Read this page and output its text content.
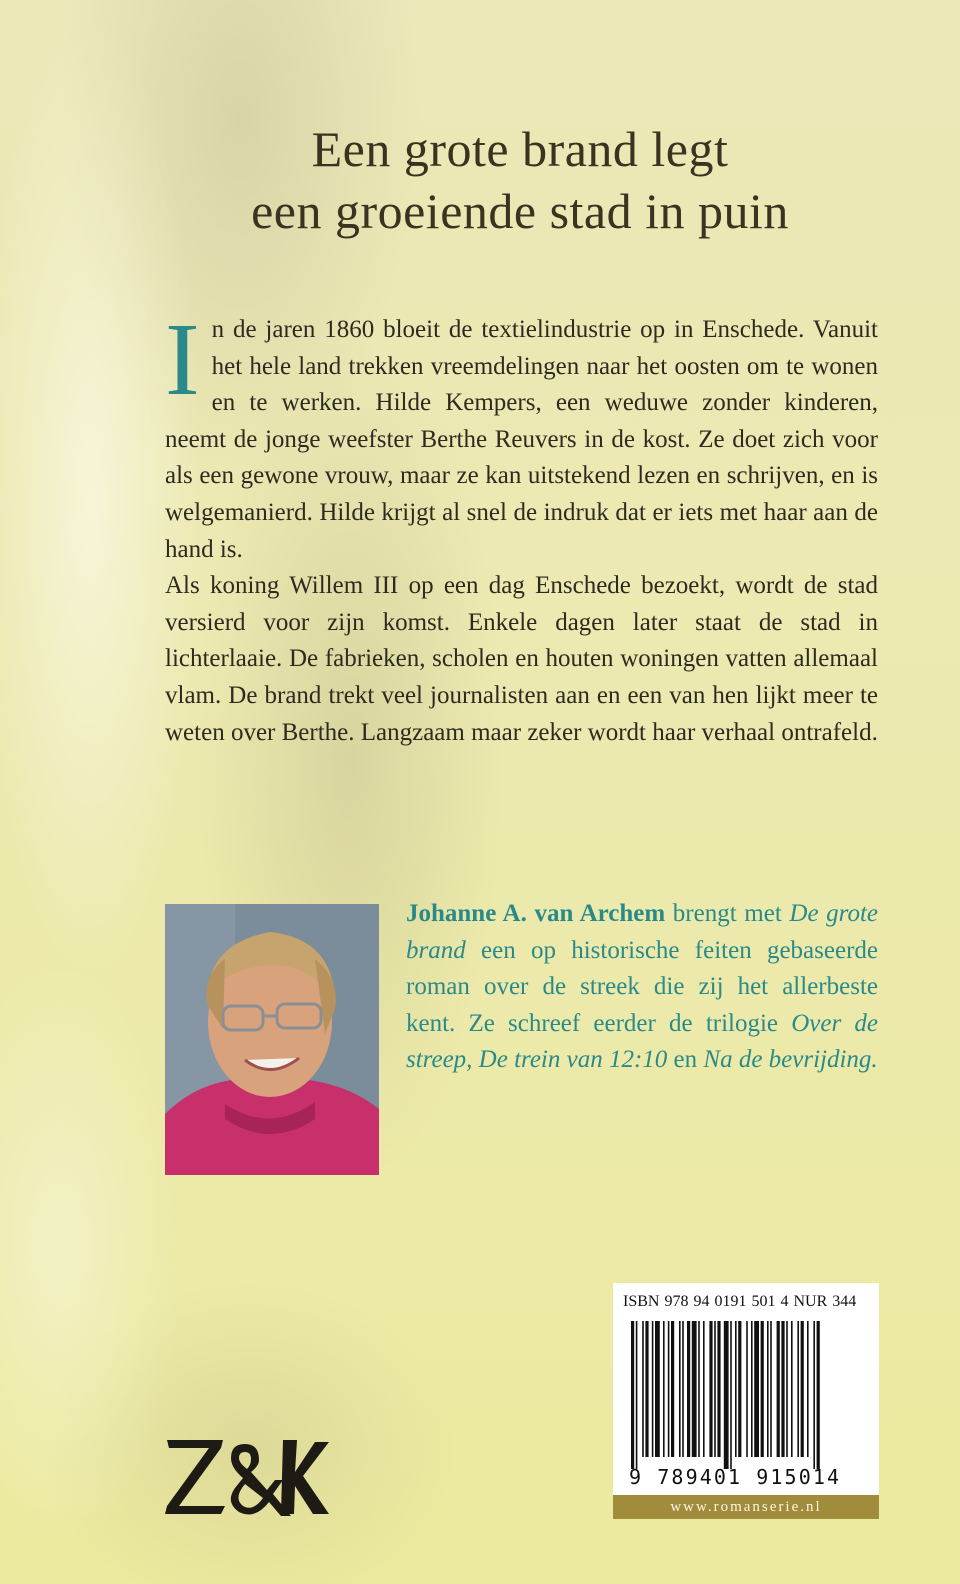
Een grote brand legt
een groeiende stad in puin

In de jaren 1860 bloeit de textielindustrie op in Enschede. Vanuit het hele land trekken vreemdelingen naar het oosten om te wonen en te werken. Hilde Kempers, een weduwe zonder kinderen, neemt de jonge weefster Berthe Reuvers in de kost. Ze doet zich voor als een gewone vrouw, maar ze kan uitstekend lezen en schrijven, en is welgemanierd. Hilde krijgt al snel de indruk dat er iets met haar aan de hand is.

Als koning Willem III op een dag Enschede bezoekt, wordt de stad versierd voor zijn komst. Enkele dagen later staat de stad in lichterlaaie. De fabrieken, scholen en houten woningen vatten allemaal vlam. De brand trekt veel journalisten aan en een van hen lijkt meer te weten over Berthe. Langzaam maar zeker wordt haar verhaal ontrafeld.

Johanne A. van Archem brengt met De grote brand een op historische feiten gebaseerde roman over de streek die zij het allerbeste kent. Ze schreef eerder de trilogie Over de streep, De trein van 12:10 en Na de bevrijding.
ISBN 978 94 0191 501 4 NUR 344
9 789401 915014
www.romanserie.nl
